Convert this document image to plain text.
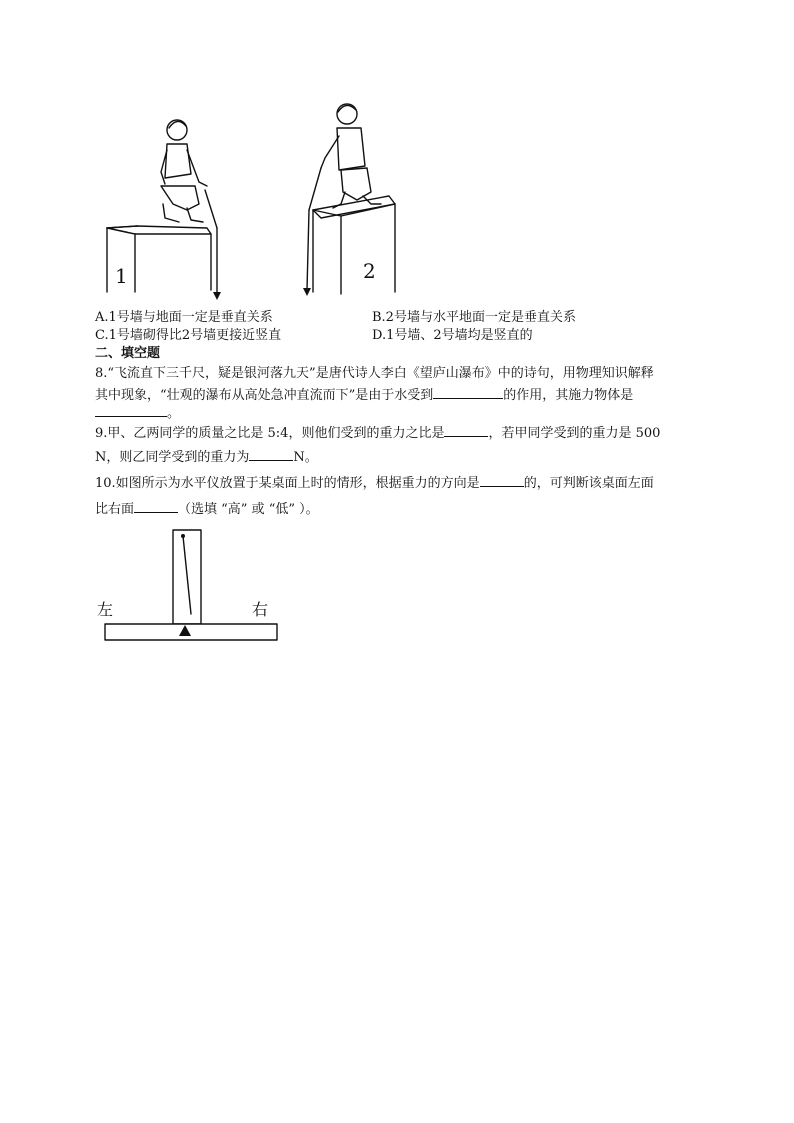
1	2
A.1号墙与地面一定是垂直关系	B.2号墙与水平地面一定是垂直关系
C.1号墙砌得比2号墙更接近竖直	D.1号墙、2号墙均是竖直的
二、填空题
8.“飞流直下三千尺，疑是银河落九天”是唐代诗人李白《望庐山瀑布》中的诗句，用物理知识解释
其中现象，“壮观的瀑布从高处急冲直流而下”是由于水受到	的作用，其施力物体是
。
9.甲、乙两同学的质量之比是 5:4，则他们受到的重力之比是	，若甲同学受到的重力是 500
N，则乙同学受到的重力为	N。
10.如图所示为水平仪放置于某桌面上时的情形，根据重力的方向是	的，可判断该桌面左面
比右面	（选填 “高” 或 “低” ）。
左	右
